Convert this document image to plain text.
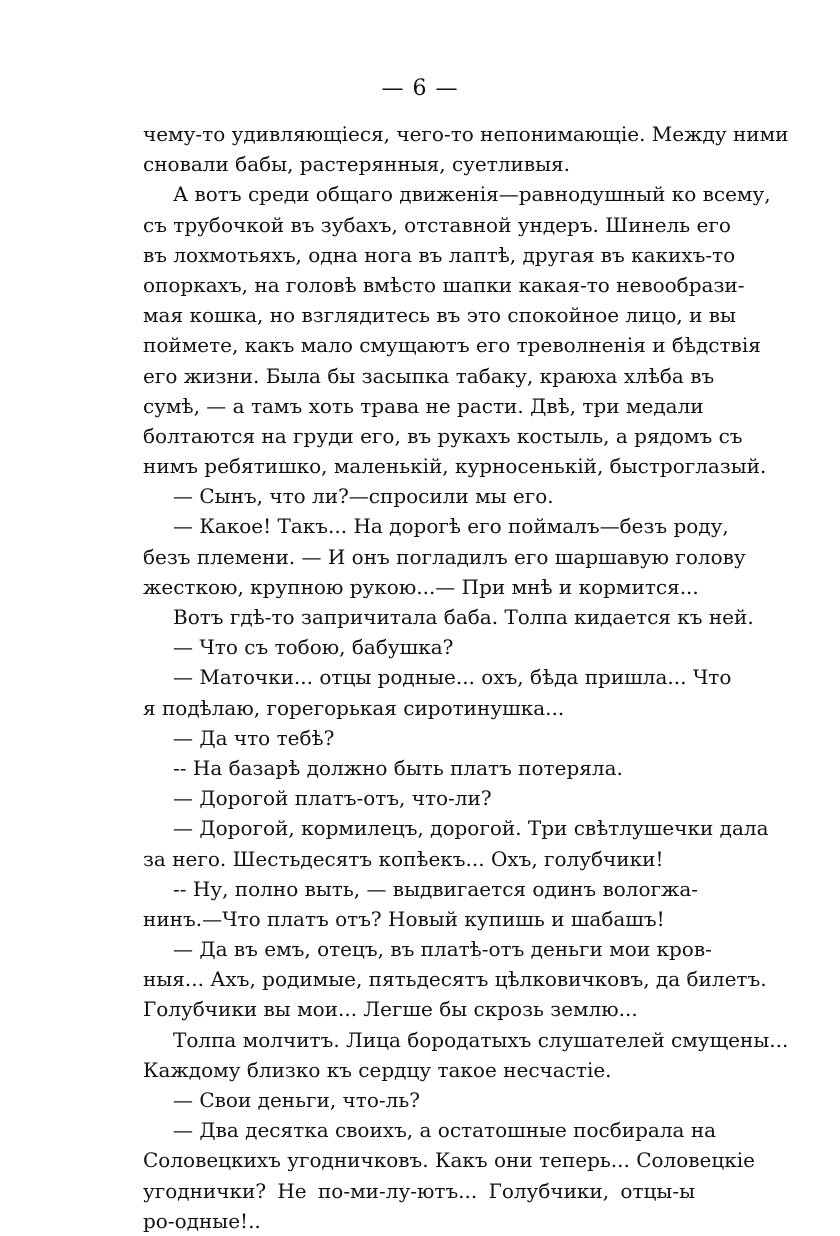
— 6 —
чему-то удивляющіеся, чего-то непонимающіе. Между ними
сновали бабы, растерянныя, суетливыя.
А вотъ среди общаго движенія—равнодушный ко всему,
съ трубочкой въ зубахъ, отставной ундеръ. Шинель его
въ лохмотьяхъ, одна нога въ лаптѣ, другая въ какихъ-то
опоркахъ, на головѣ вмѣсто шапки какая-то невообрази-
мая кошка, но взглядитесь въ это спокойное лицо, и вы
поймете, какъ мало смущаютъ его треволненія и бѣдствія
его жизни. Была бы засыпка табаку, краюха хлѣба въ
сумѣ, — а тамъ хоть трава не расти. Двѣ, три медали
болтаются на груди его, въ рукахъ костыль, а рядомъ съ
нимъ ребятишко, маленькій, курносенькій, быстроглазый.
— Сынъ, что ли?—спросили мы его.
— Какое! Такъ... На дорогѣ его поймалъ—безъ роду,
безъ племени. — И онъ погладилъ его шаршавую голову
жесткою, крупною рукою...— При мнѣ и кормится...
Вотъ гдѣ-то запричитала баба. Толпа кидается къ ней.
— Что съ тобою, бабушка?
— Маточки... отцы родные... охъ, бѣда пришла... Что
я подѣлаю, горегорькая сиротинушка...
— Да что тебѣ?
-- На базарѣ должно быть платъ потеряла.
— Дорогой платъ-отъ, что-ли?
— Дорогой, кормилецъ, дорогой. Три свѣтлушечки дала
за него. Шестьдесятъ копѣекъ... Охъ, голубчики!
-- Ну, полно выть, — выдвигается одинъ вологжа-
нинъ.—Что платъ отъ? Новый купишь и шабашъ!
— Да въ емъ, отецъ, въ платѣ-отъ деньги мои кров-
ныя... Ахъ, родимые, пятьдесятъ цѣлковичковъ, да билетъ.
Голубчики вы мои... Легше бы скрозь землю...
Толпа молчитъ. Лица бородатыхъ слушателей смущены...
Каждому близко къ сердцу такое несчастіе.
— Свои деньги, что-ль?
— Два десятка своихъ, а остатошные посбирала на
Соловецкихъ угодничковъ. Какъ они теперь... Соловецкіе
угоднички? Не по-ми-лу-ютъ... Голубчики, отцы-ы
ро-одные!..
